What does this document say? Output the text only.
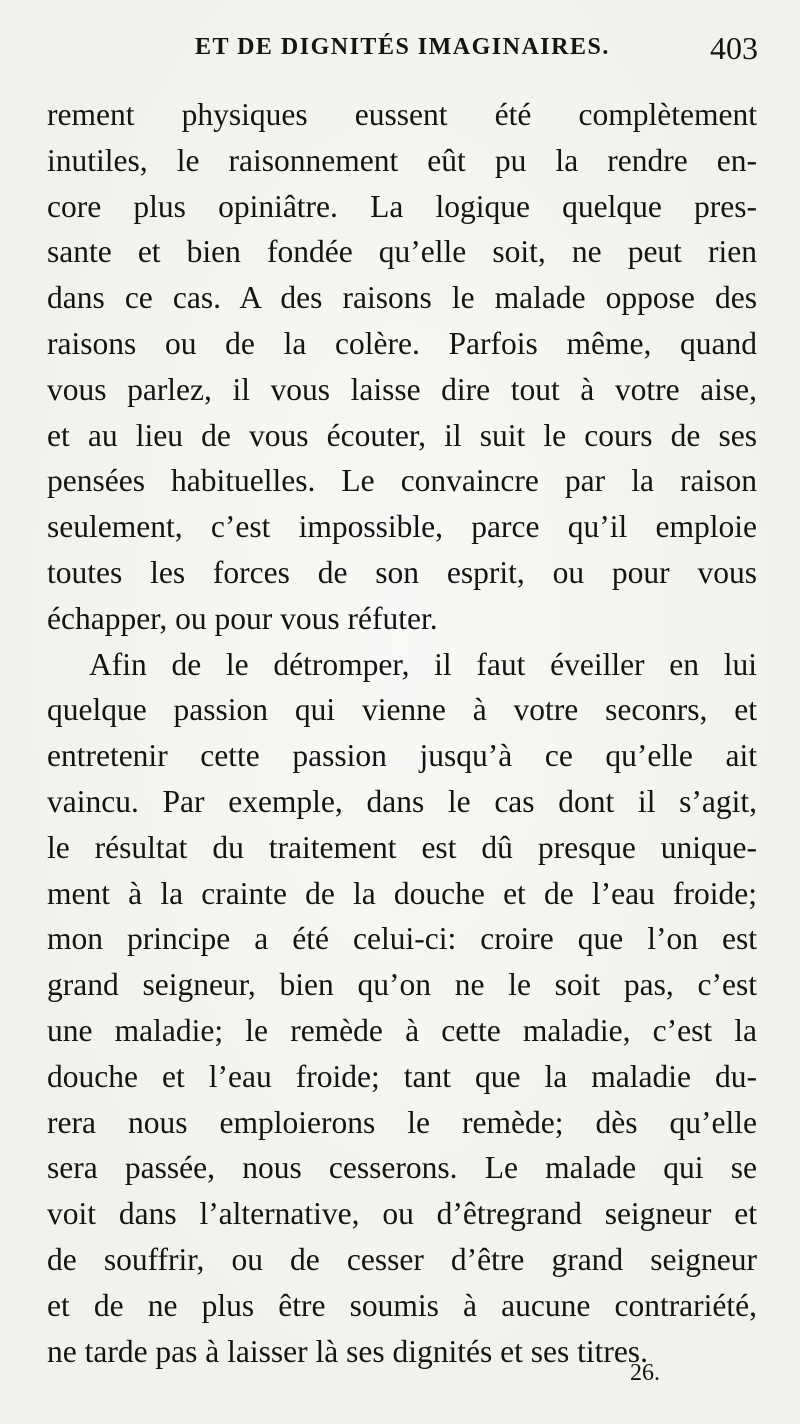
ET DE DIGNITÉS IMAGINAIRES.	403
rement physiques eussent été complètement
inutiles, le raisonnement eût pu la rendre en-
core plus opiniâtre. La logique quelque pres-
sante et bien fondée qu’elle soit, ne peut rien
dans ce cas. A des raisons le malade oppose des
raisons ou de la colère. Parfois même, quand
vous parlez, il vous laisse dire tout à votre aise,
et au lieu de vous écouter, il suit le cours de ses
pensées habituelles. Le convaincre par la raison
seulement, c’est impossible, parce qu’il emploie
toutes les forces de son esprit, ou pour vous
échapper, ou pour vous réfuter.
Afin de le détromper, il faut éveiller en lui
quelque passion qui vienne à votre seconrs, et
entretenir cette passion jusqu’à ce qu’elle ait
vaincu. Par exemple, dans le cas dont il s’agit,
le résultat du traitement est dû presque unique-
ment à la crainte de la douche et de l’eau froide;
mon principe a été celui-ci: croire que l’on est
grand seigneur, bien qu’on ne le soit pas, c’est
une maladie; le remède à cette maladie, c’est la
douche et l’eau froide; tant que la maladie du-
rera nous emploierons le remède; dès qu’elle
sera passée, nous cesserons. Le malade qui se
voit dans l’alternative, ou d’êtregrand seigneur et
de souffrir, ou de cesser d’être grand seigneur
et de ne plus être soumis à aucune contrariété,
ne tarde pas à laisser là ses dignités et ses titres.
26.
